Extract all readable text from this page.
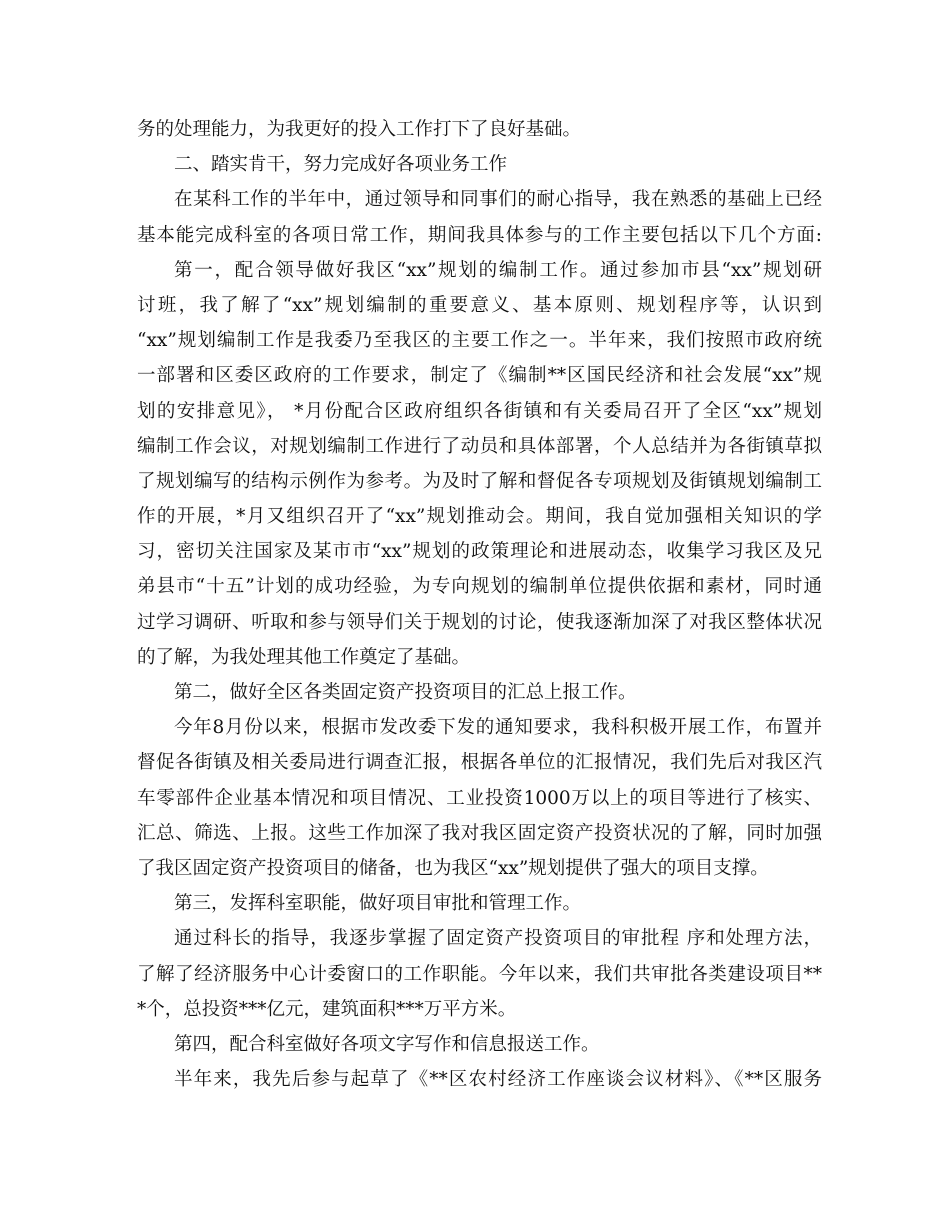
务的处理能力，为我更好的投入工作打下了良好基础。
二、踏实肯干，努力完成好各项业务工作
在某科工作的半年中，通过领导和同事们的耐心指导，我在熟悉的基础上已经
基本能完成科室的各项日常工作，期间我具体参与的工作主要包括以下几个方面:
第一，配合领导做好我区“xx”规划的编制工作。通过参加市县“xx”规划研
讨班，我了解了“xx”规划编制的重要意义、基本原则、规划程序等，认识到
“xx”规划编制工作是我委乃至我区的主要工作之一。半年来，我们按照市政府统
一部署和区委区政府的工作要求，制定了《编制**区国民经济和社会发展“xx”规
划的安排意见》， *月份配合区政府组织各街镇和有关委局召开了全区“xx”规划
编制工作会议，对规划编制工作进行了动员和具体部署，个人总结并为各街镇草拟
了规划编写的结构示例作为参考。为及时了解和督促各专项规划及街镇规划编制工
作的开展，*月又组织召开了“xx”规划推动会。期间，我自觉加强相关知识的学
习，密切关注国家及某市市“xx”规划的政策理论和进展动态，收集学习我区及兄
弟县市“十五”计划的成功经验，为专向规划的编制单位提供依据和素材，同时通
过学习调研、听取和参与领导们关于规划的讨论，使我逐渐加深了对我区整体状况
的了解，为我处理其他工作奠定了基础。
第二，做好全区各类固定资产投资项目的汇总上报工作。
今年8月份以来，根据市发改委下发的通知要求，我科积极开展工作，布置并
督促各街镇及相关委局进行调查汇报，根据各单位的汇报情况，我们先后对我区汽
车零部件企业基本情况和项目情况、工业投资1000万以上的项目等进行了核实、
汇总、筛选、上报。这些工作加深了我对我区固定资产投资状况的了解，同时加强
了我区固定资产投资项目的储备，也为我区“xx”规划提供了强大的项目支撑。
第三，发挥科室职能，做好项目审批和管理工作。
通过科长的指导，我逐步掌握了固定资产投资项目的审批程 序和处理方法，
了解了经济服务中心计委窗口的工作职能。今年以来，我们共审批各类建设项目**
*个，总投资***亿元，建筑面积***万平方米。
第四，配合科室做好各项文字写作和信息报送工作。
半年来，我先后参与起草了《**区农村经济工作座谈会议材料》、《**区服务
